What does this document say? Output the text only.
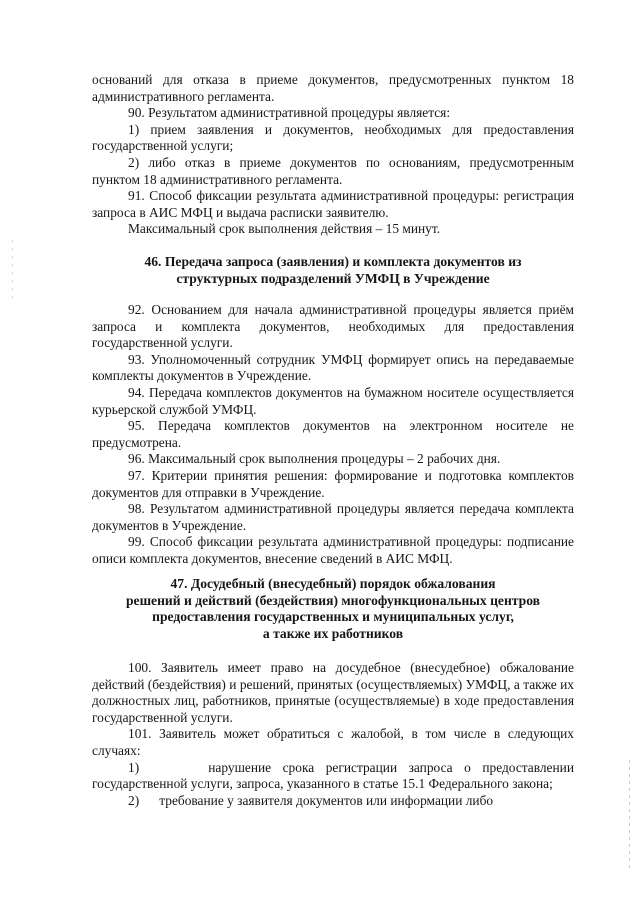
оснований для отказа в приеме документов, предусмотренных пунктом 18 административного регламента.

90. Результатом административной процедуры является:

1) прием заявления и документов, необходимых для предоставления государственной услуги;

2) либо отказ в приеме документов по основаниям, предусмотренным пунктом 18 административного регламента.

91. Способ фиксации результата административной процедуры: регистрация запроса в АИС МФЦ и выдача расписки заявителю.

Максимальный срок выполнения действия – 15 минут.

46. Передача запроса (заявления) и комплекта документов из
структурных подразделений УМФЦ в Учреждение

92. Основанием для начала административной процедуры является приём запроса и комплекта документов, необходимых для предоставления государственной услуги.

93. Уполномоченный сотрудник УМФЦ формирует опись на передаваемые комплекты документов в Учреждение.

94. Передача комплектов документов на бумажном носителе осуществляется курьерской службой УМФЦ.

95. Передача комплектов документов на электронном носителе не предусмотрена.

96. Максимальный срок выполнения процедуры – 2 рабочих дня.

97. Критерии принятия решения: формирование и подготовка комплектов документов для отправки в Учреждение.

98. Результатом административной процедуры является передача комплекта документов в Учреждение.

99. Способ фиксации результата административной процедуры: подписание описи комплекта документов, внесение сведений в АИС МФЦ.

47. Досудебный (внесудебный) порядок обжалования
решений и действий (бездействия) многофункциональных центров
предоставления государственных и муниципальных услуг,
а также их работников

100. Заявитель имеет право на досудебное (внесудебное) обжалование действий (бездействия) и решений, принятых (осуществляемых) УМФЦ, а также их должностных лиц, работников, принятые (осуществляемые) в ходе предоставления государственной услуги.

101. Заявитель может обратиться с жалобой, в том числе в следующих случаях:

1)	нарушение срока регистрации запроса о предоставлении государственной услуги, запроса, указанного в статье 15.1 Федерального закона;

2) требование у заявителя документов или информации либо
